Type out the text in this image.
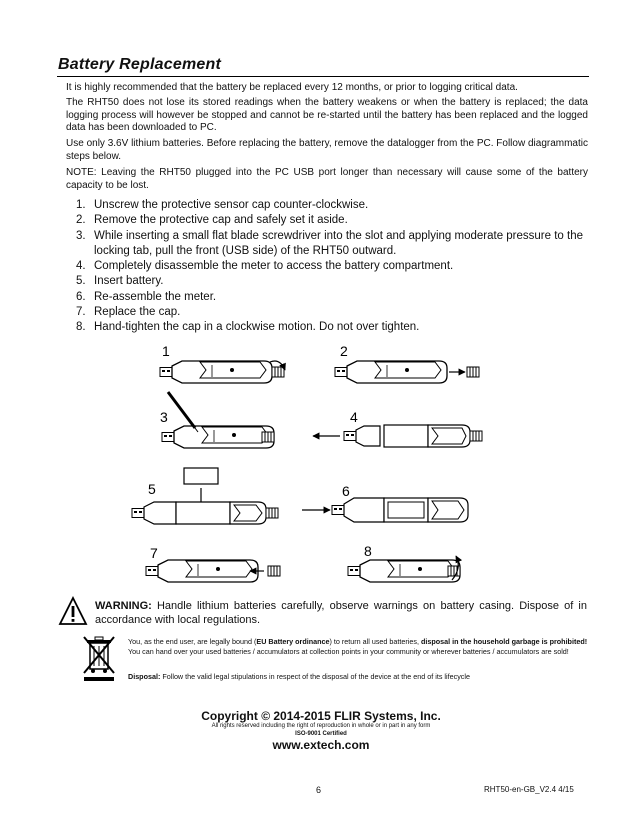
Battery Replacement
It is highly recommended that the battery be replaced every 12 months, or prior to logging critical data.
The RHT50 does not lose its stored readings when the battery weakens or when the battery is replaced; the data logging process will however be stopped and cannot be re-started until the battery has been replaced and the logged data has been downloaded to PC.
Use only 3.6V lithium batteries. Before replacing the battery, remove the datalogger from the PC. Follow diagrammatic steps below.
NOTE: Leaving the RHT50 plugged into the PC USB port longer than necessary will cause some of the battery capacity to be lost.
1. Unscrew the protective sensor cap counter-clockwise.
2. Remove the protective cap and safely set it aside.
3. While inserting a small flat blade screwdriver into the slot and applying moderate pressure to the locking tab, pull the front (USB side) of the RHT50 outward.
4. Completely disassemble the meter to access the battery compartment.
5. Insert battery.
6. Re-assemble the meter.
7. Replace the cap.
8. Hand-tighten the cap in a clockwise motion. Do not over tighten.
1	2
3	4
5	6
7	8
WARNING: Handle lithium batteries carefully, observe warnings on battery casing. Dispose of in accordance with local regulations.
You, as the end user, are legally bound (EU Battery ordinance) to return all used batteries, disposal in the household garbage is prohibited! You can hand over your used batteries / accumulators at collection points in your community or wherever batteries / accumulators are sold!
Disposal: Follow the valid legal stipulations in respect of the disposal of the device at the end of its lifecycle
Copyright © 2014-2015 FLIR Systems, Inc.
All rights reserved including the right of reproduction in whole or in part in any form
ISO-9001 Certified
www.extech.com
6	RHT50-en-GB_V2.4 4/15
